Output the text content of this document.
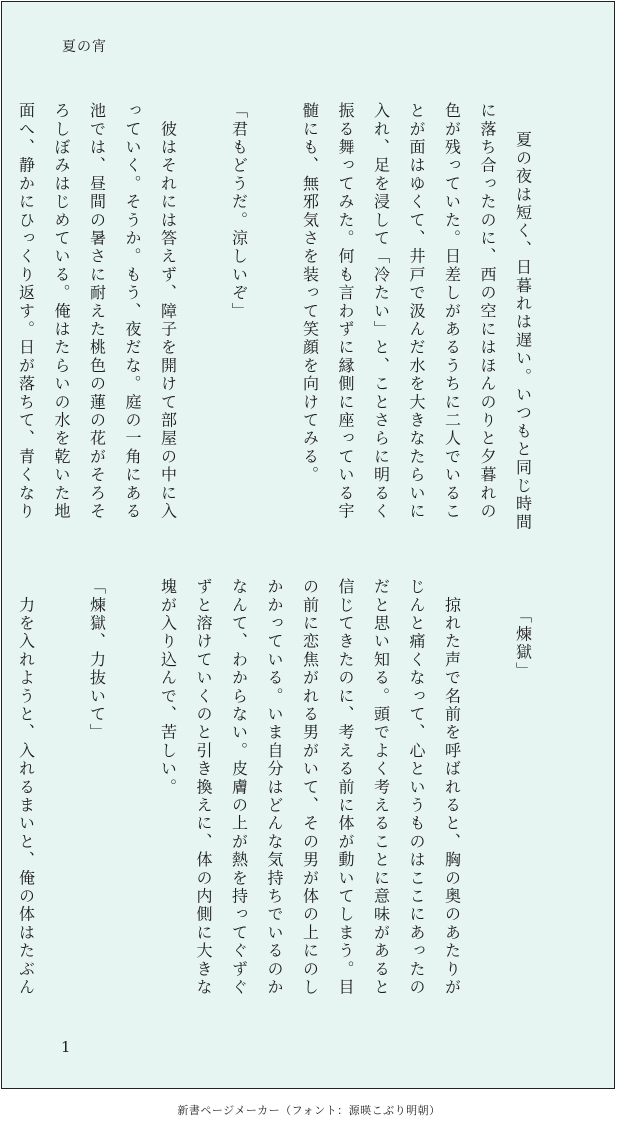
夏の宵

夏の夜は短く、日暮れは遅い。いつもと同じ時間に落ち合ったのに、西の空にはほんのりと夕暮れの色が残っていた。日差しがあるうちに二人でいることが面はゆくて、井戸で汲んだ水を大きなたらいに入れ、足を浸して「冷たい」と、ことさらに明るく振る舞ってみた。何も言わずに縁側に座っている宇髄にも、無邪気さを装って笑顔を向けてみる。

「君もどうだ。涼しいぞ」

　彼はそれには答えず、障子を開けて部屋の中に入っていく。そうか。もう、夜だな。庭の一角にある池では、昼間の暑さに耐えた桃色の蓮の花がそろそろしぼみはじめている。俺はたらいの水を乾いた地面へ、静かにひっくり返す。日が落ちて、青くなり

「煉獄」

　掠れた声で名前を呼ばれると、胸の奥のあたりがじんと痛くなって、心というものはここにあったのだと思い知る。頭でよく考えることに意味があると信じてきたのに、考える前に体が動いてしまう。目の前に恋焦がれる男がいて、その男が体の上にのしかかっている。いま自分はどんな気持ちでいるのかなんて、わからない。皮膚の上が熱を持ってぐずぐずと溶けていくのと引き換えに、体の内側に大きな塊が入り込んで、苦しい。

「煉獄、力抜いて」

　力を入れようと、入れるまいと、俺の体はたぶん

1
新書ページメーカー（フォント：源暎こぶり明朝）
